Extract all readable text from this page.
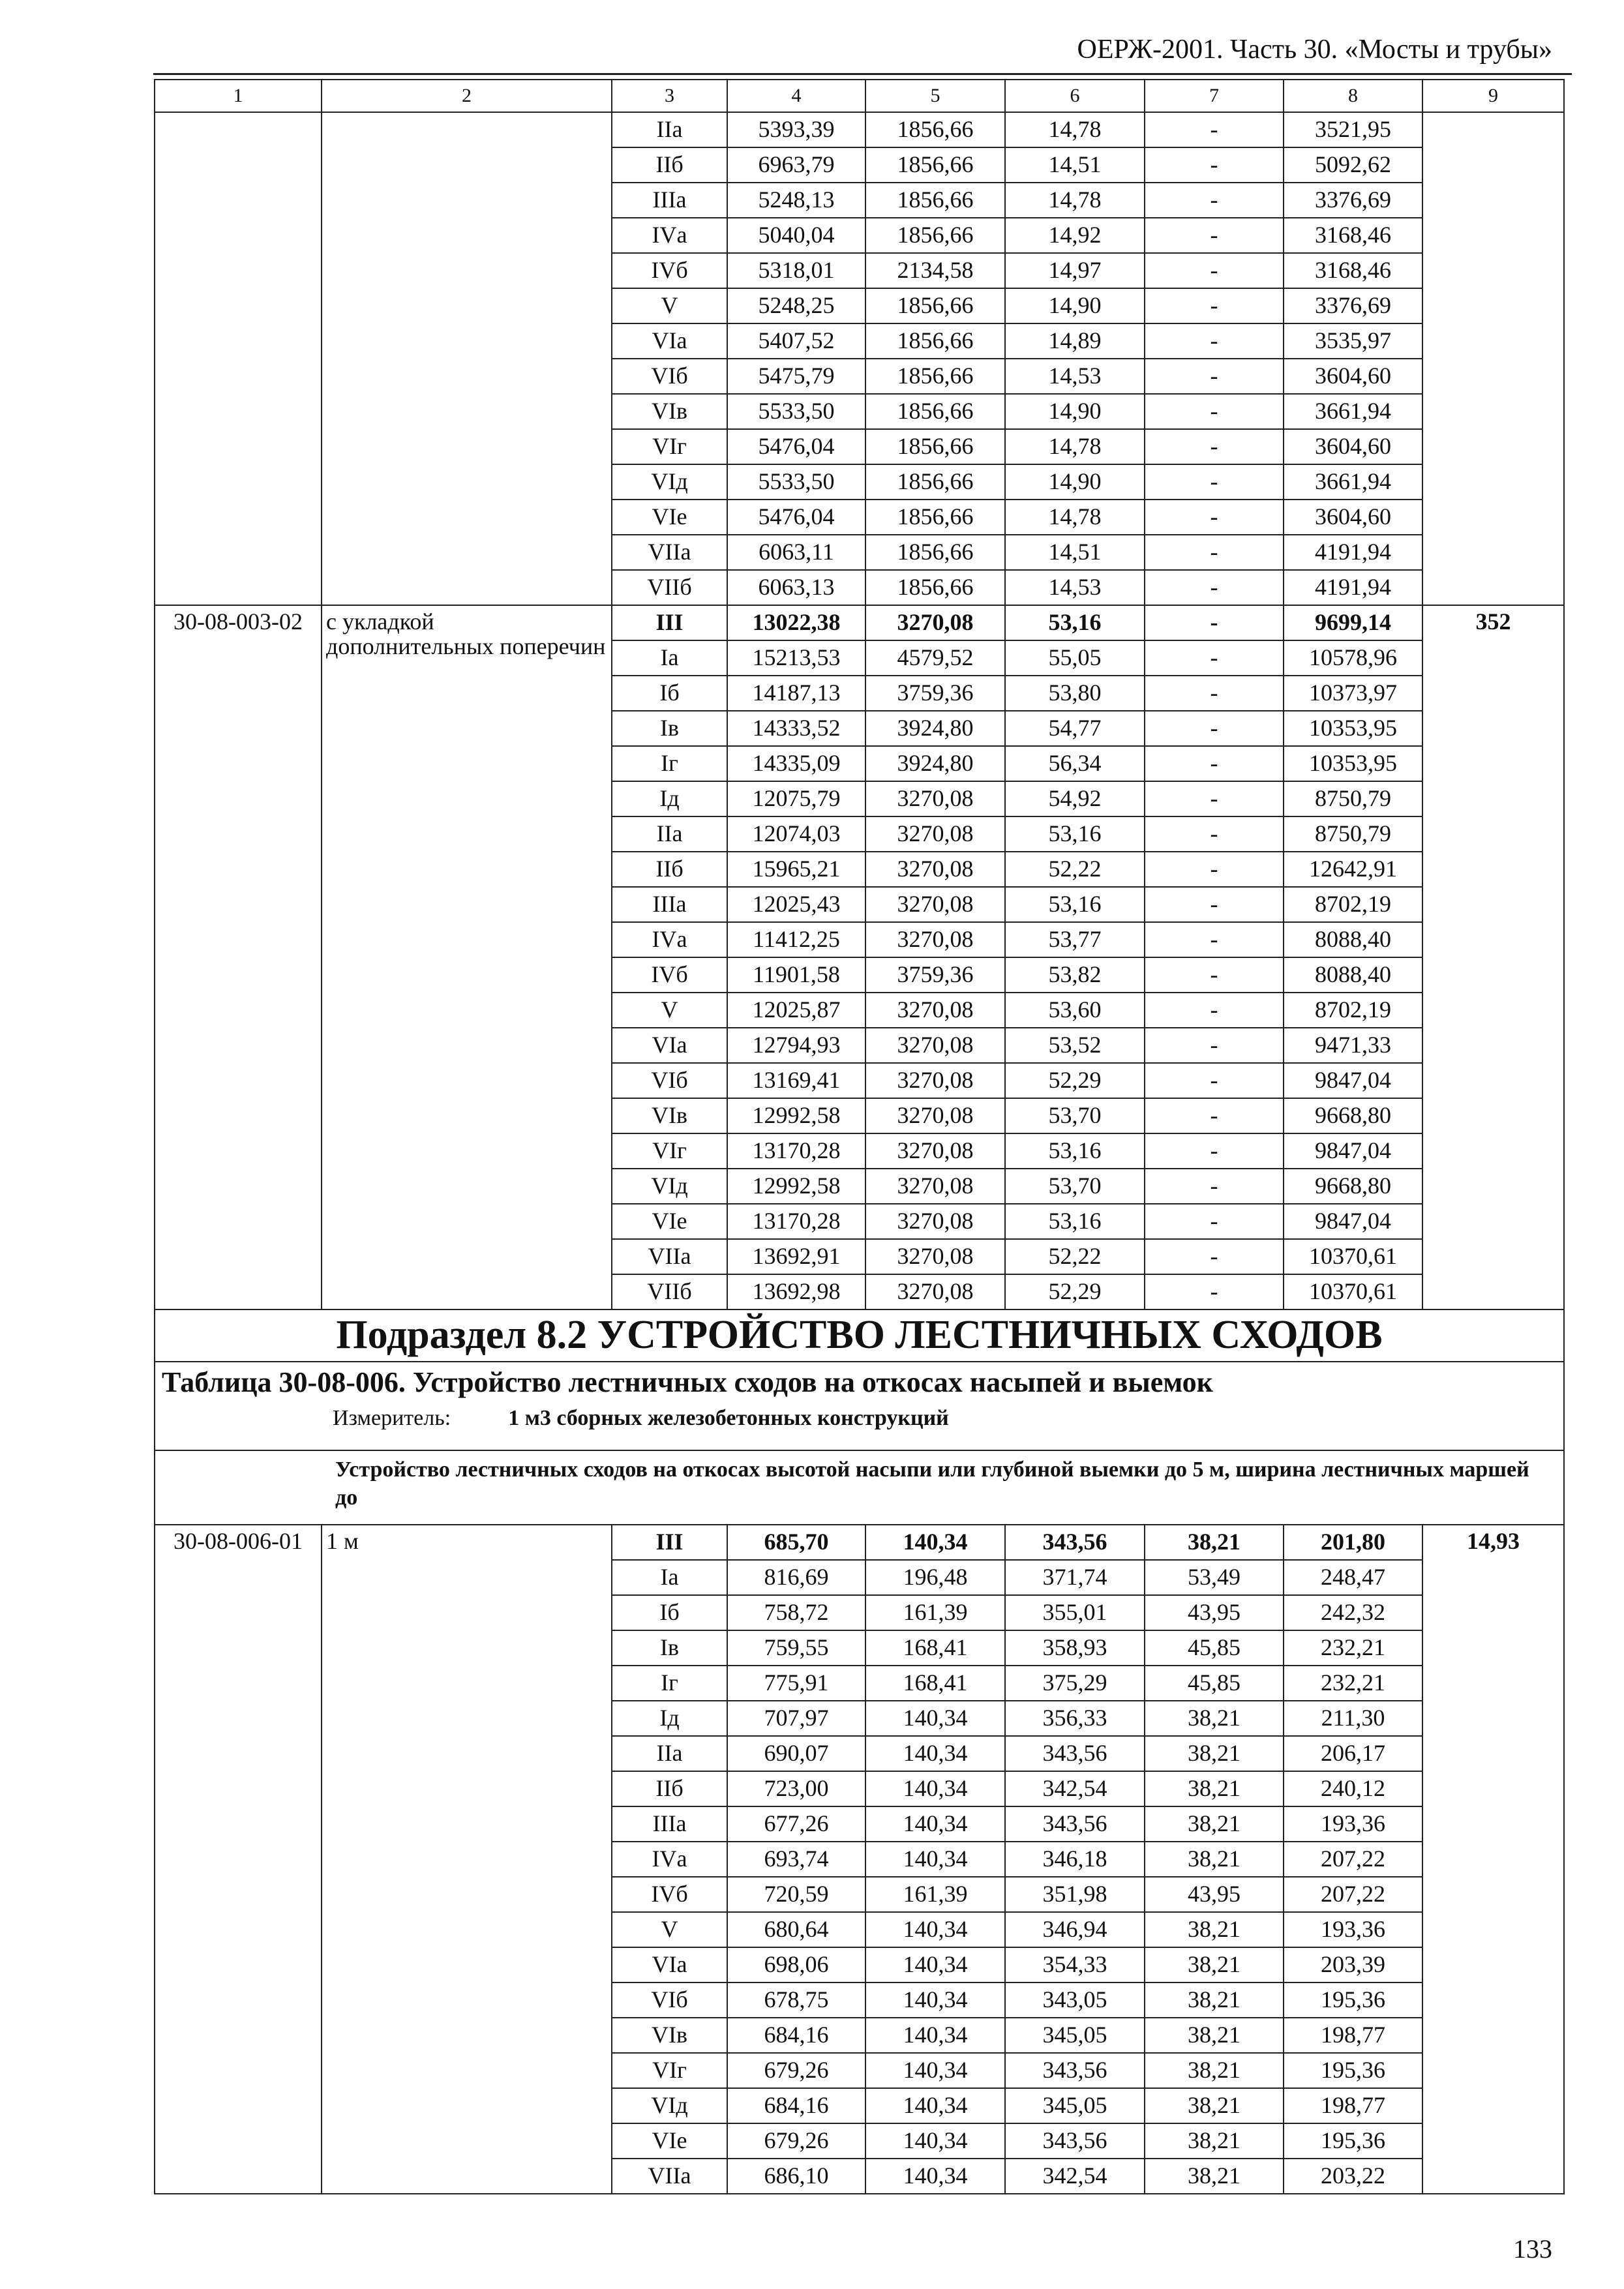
ОЕРЖ-2001. Часть 30. «Мосты и трубы»
1	2	3	4	5	6	7	8	9
		IIа	5393,39	1856,66	14,78	-	3521,95	
		IIб	6963,79	1856,66	14,51	-	5092,62	
		IIIа	5248,13	1856,66	14,78	-	3376,69	
		IVа	5040,04	1856,66	14,92	-	3168,46	
		IVб	5318,01	2134,58	14,97	-	3168,46	
		V	5248,25	1856,66	14,90	-	3376,69	
		VIа	5407,52	1856,66	14,89	-	3535,97	
		VIб	5475,79	1856,66	14,53	-	3604,60	
		VIв	5533,50	1856,66	14,90	-	3661,94	
		VIг	5476,04	1856,66	14,78	-	3604,60	
		VIд	5533,50	1856,66	14,90	-	3661,94	
		VIе	5476,04	1856,66	14,78	-	3604,60	
		VIIа	6063,11	1856,66	14,51	-	4191,94	
		VIIб	6063,13	1856,66	14,53	-	4191,94	
30-08-003-02	с укладкой дополнительных поперечин	III	13022,38	3270,08	53,16	-	9699,14	352
		Iа	15213,53	4579,52	55,05	-	10578,96	
		Iб	14187,13	3759,36	53,80	-	10373,97	
		Iв	14333,52	3924,80	54,77	-	10353,95	
		Iг	14335,09	3924,80	56,34	-	10353,95	
		Iд	12075,79	3270,08	54,92	-	8750,79	
		IIа	12074,03	3270,08	53,16	-	8750,79	
		IIб	15965,21	3270,08	52,22	-	12642,91	
		IIIа	12025,43	3270,08	53,16	-	8702,19	
		IVа	11412,25	3270,08	53,77	-	8088,40	
		IVб	11901,58	3759,36	53,82	-	8088,40	
		V	12025,87	3270,08	53,60	-	8702,19	
		VIа	12794,93	3270,08	53,52	-	9471,33	
		VIб	13169,41	3270,08	52,29	-	9847,04	
		VIв	12992,58	3270,08	53,70	-	9668,80	
		VIг	13170,28	3270,08	53,16	-	9847,04	
		VIд	12992,58	3270,08	53,70	-	9668,80	
		VIе	13170,28	3270,08	53,16	-	9847,04	
		VIIа	13692,91	3270,08	52,22	-	10370,61	
		VIIб	13692,98	3270,08	52,29	-	10370,61	
Подраздел 8.2 УСТРОЙСТВО ЛЕСТНИЧНЫХ СХОДОВ								

Таблица 30-08-006. Устройство лестничных сходов на откосах насыпей и выемок
Измеритель: 1 м3 сборных железобетонных конструкций								

Устройство лестничных сходов на откосах высотой насыпи или глубиной выемки до 5 м, ширина лестничных маршей до								
30-08-006-01	1 м	III	685,70	140,34	343,56	38,21	201,80	14,93
		Iа	816,69	196,48	371,74	53,49	248,47	
		Iб	758,72	161,39	355,01	43,95	242,32	
		Iв	759,55	168,41	358,93	45,85	232,21	
		Iг	775,91	168,41	375,29	45,85	232,21	
		Iд	707,97	140,34	356,33	38,21	211,30	
		IIа	690,07	140,34	343,56	38,21	206,17	
		IIб	723,00	140,34	342,54	38,21	240,12	
		IIIа	677,26	140,34	343,56	38,21	193,36	
		IVа	693,74	140,34	346,18	38,21	207,22	
		IVб	720,59	161,39	351,98	43,95	207,22	
		V	680,64	140,34	346,94	38,21	193,36	
		VIа	698,06	140,34	354,33	38,21	203,39	
		VIб	678,75	140,34	343,05	38,21	195,36	
		VIв	684,16	140,34	345,05	38,21	198,77	
		VIг	679,26	140,34	343,56	38,21	195,36	
		VIд	684,16	140,34	345,05	38,21	198,77	
		VIе	679,26	140,34	343,56	38,21	195,36	
		VIIа	686,10	140,34	342,54	38,21	203,22	
133
